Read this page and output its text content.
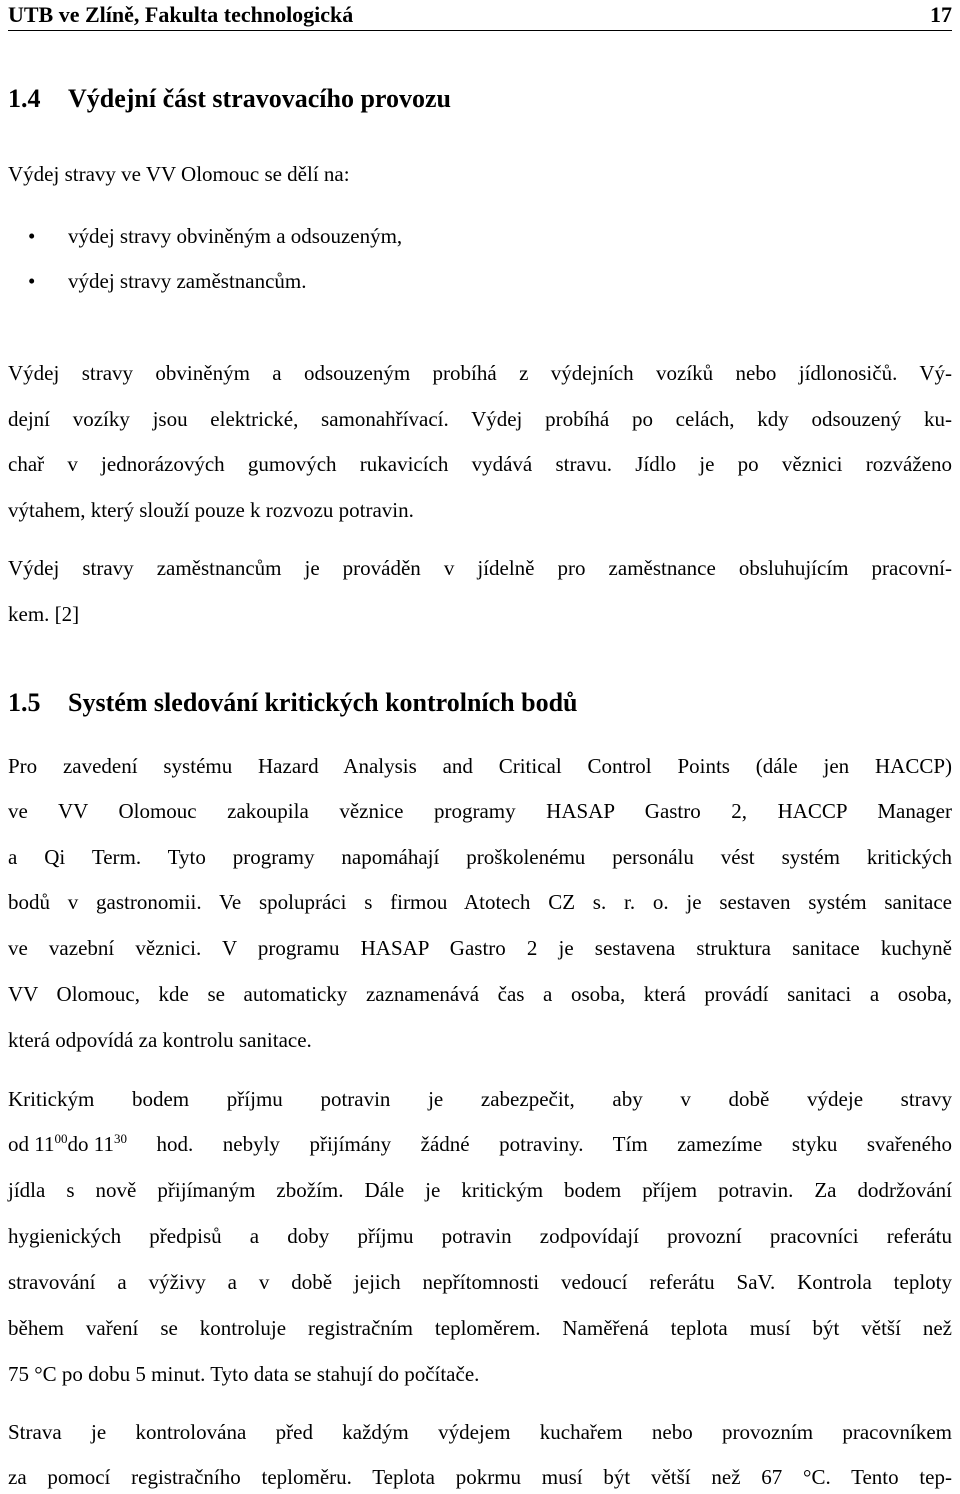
UTB ve Zlíně, Fakulta technologická	17
1.4 Výdejní část stravovacího provozu
Výdej stravy ve VV Olomouc se dělí na:
• výdej stravy obviněným a odsouzeným,
• výdej stravy zaměstnancům.
Výdej stravy obviněným a odsouzeným probíhá z výdejních vozíků nebo jídlonosičů. Vý-
dejní vozíky jsou elektrické, samonahřívací. Výdej probíhá po celách, kdy odsouzený ku-
chař v jednorázových gumových rukavicích vydává stravu. Jídlo je po věznici rozváženo
výtahem, který slouží pouze k rozvozu potravin.
Výdej stravy zaměstnancům je prováděn v jídelně pro zaměstnance obsluhujícím pracovní-
kem. [2]
1.5 Systém sledování kritických kontrolních bodů
Pro zavedení systému Hazard Analysis and Critical Control Points (dále jen HACCP)
ve VV Olomouc zakoupila věznice programy HASAP Gastro 2, HACCP Manager
a Qi Term. Tyto programy napomáhají proškolenému personálu vést systém kritických
bodů v gastronomii. Ve spolupráci s firmou Atotech CZ s. r. o. je sestaven systém sanitace
ve vazební věznici. V programu HASAP Gastro 2 je sestavena struktura sanitace kuchyně
VV Olomouc, kde se automaticky zaznamenává čas a osoba, která provádí sanitaci a osoba,
která odpovídá za kontrolu sanitace.
Kritickým bodem příjmu potravin je zabezpečit, aby v době výdeje stravy
od $11^{00}do$ $11^{30}$ hod. nebyly přijímány žádné potraviny. Tím zamezíme styku svařeného
jídla s nově přijímaným zbožím. Dále je kritickým bodem příjem potravin. Za dodržování
hygienických předpisů a doby příjmu potravin zodpovídají provozní pracovníci referátu
stravování a výživy a v době jejich nepřítomnosti vedoucí referátu SaV. Kontrola teploty
během vaření se kontroluje registračním teploměrem. Naměřená teplota musí být větší než
75 °C po dobu 5 minut. Tyto data se stahují do počítače.
Strava je kontrolována před každým výdejem kuchařem nebo provozním pracovníkem
za pomocí registračního teploměru. Teplota pokrmu musí být větší než 67 °C. Tento tep-
